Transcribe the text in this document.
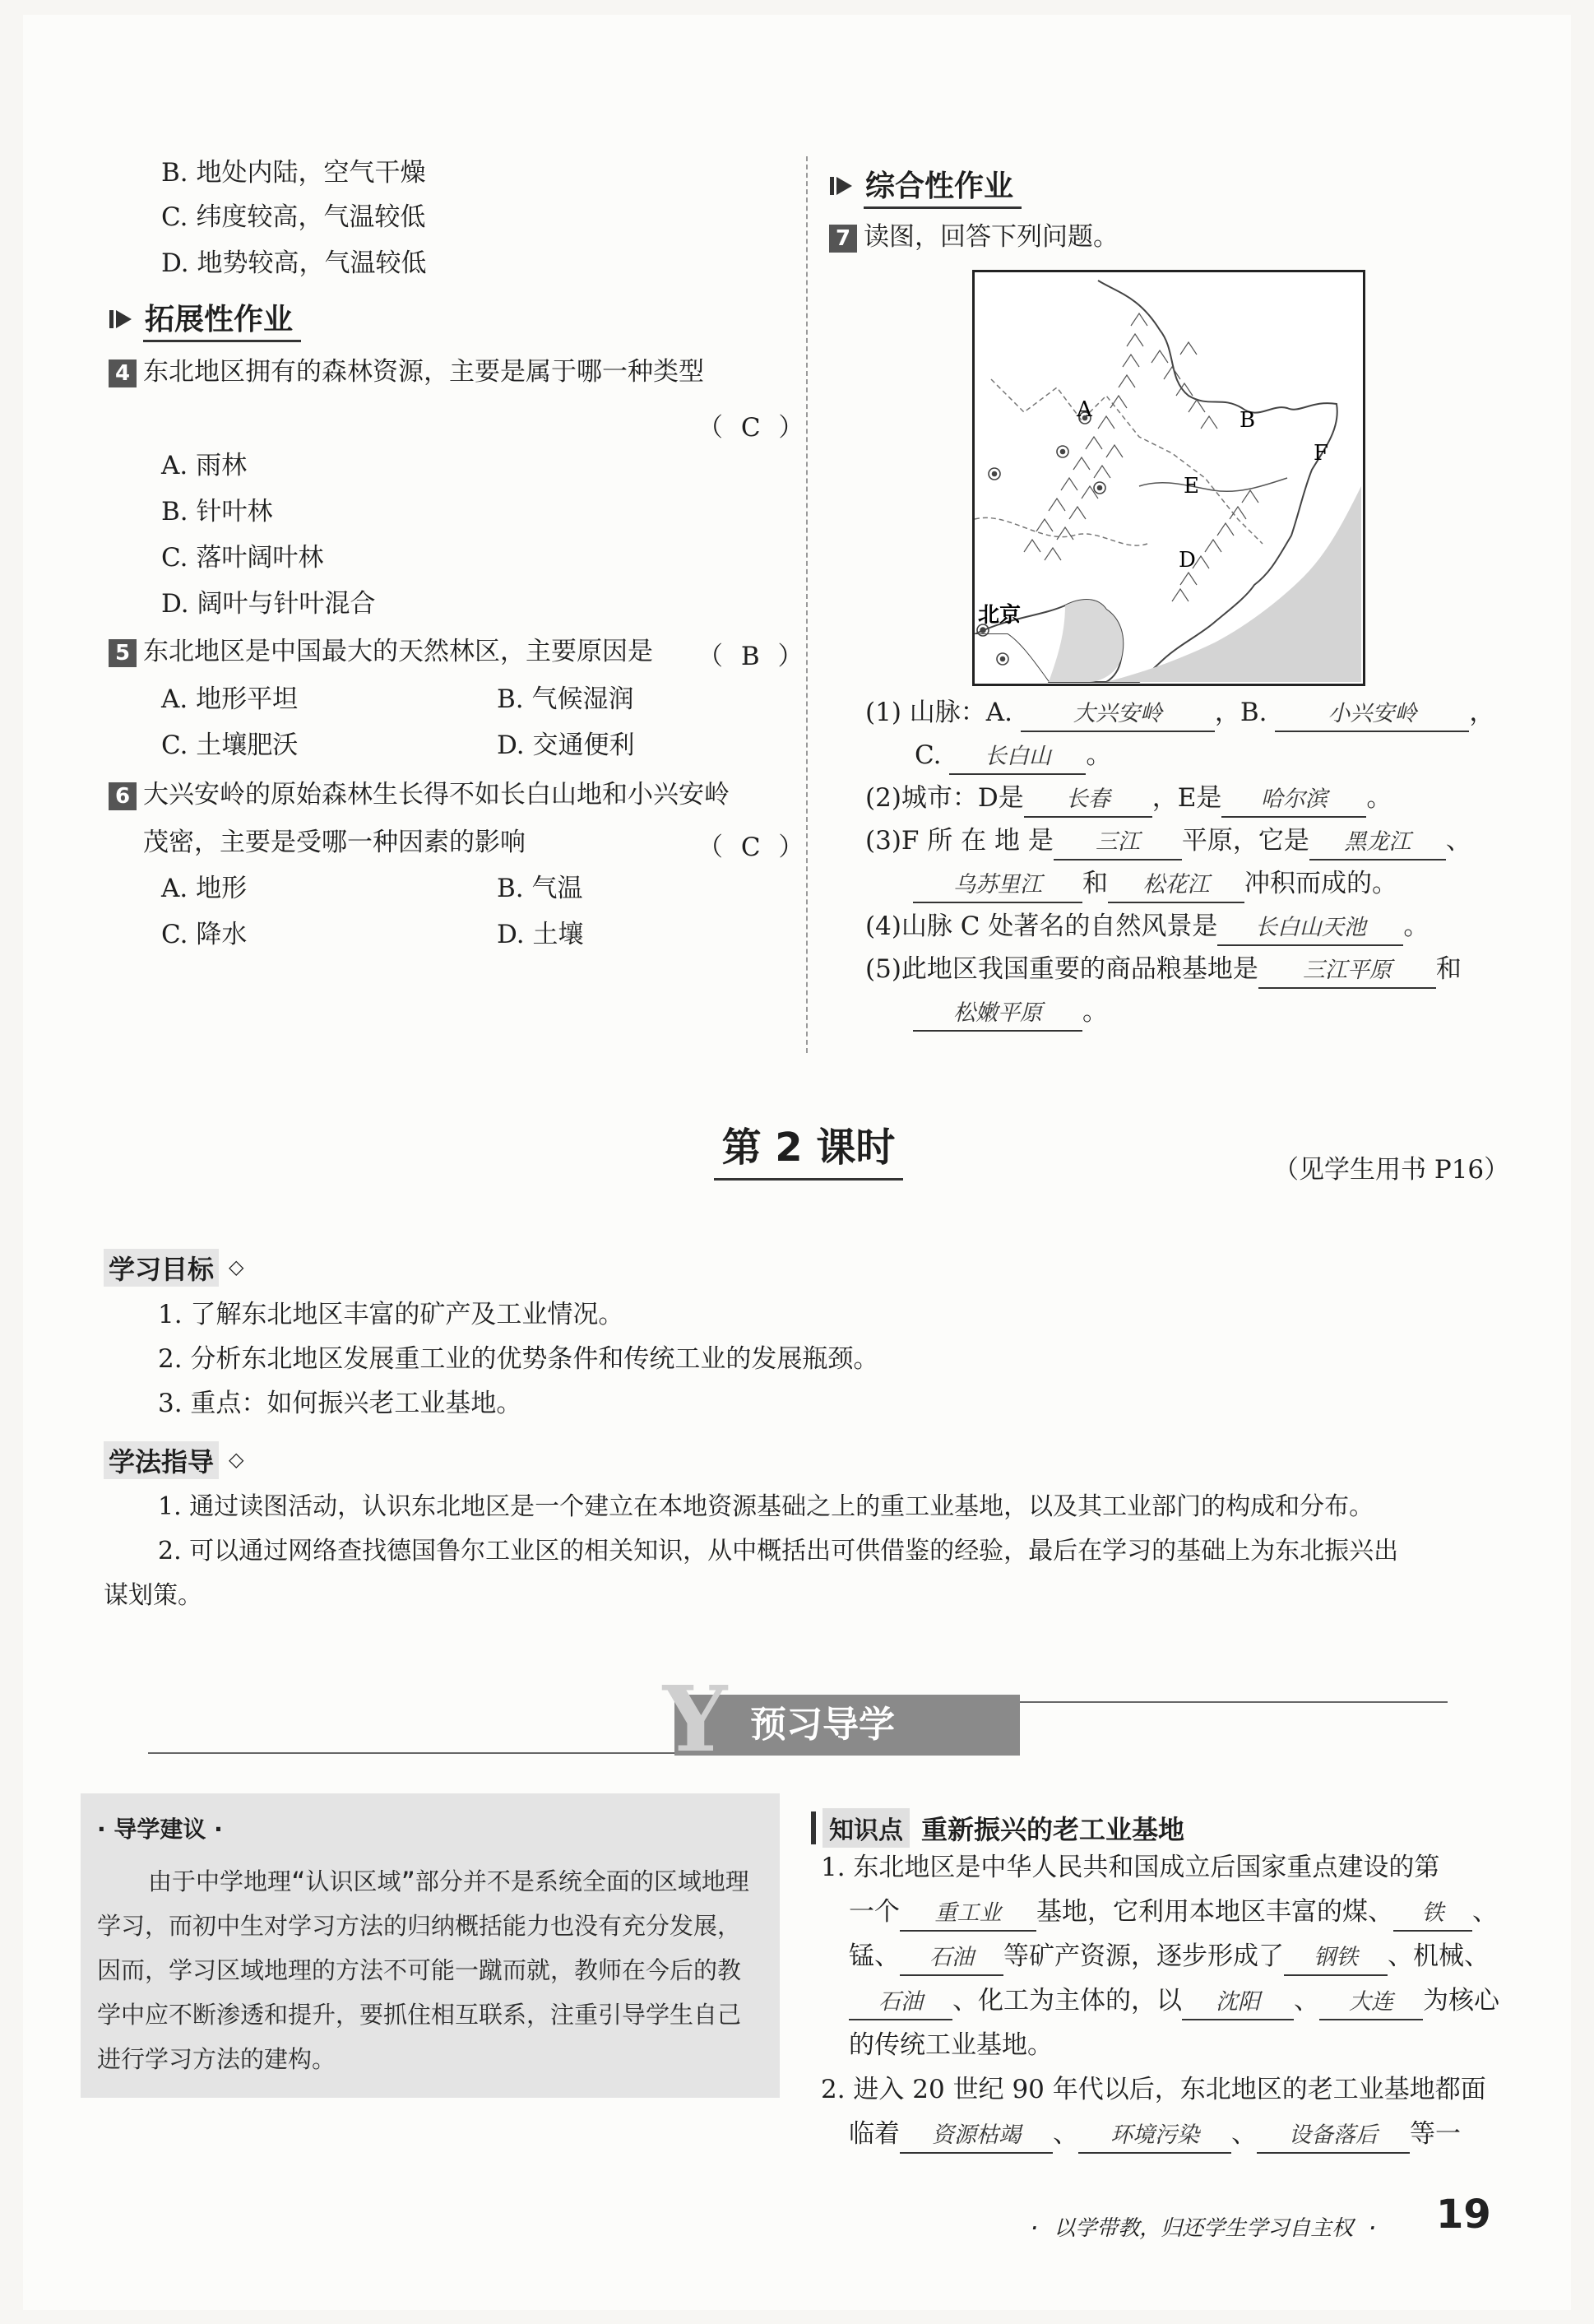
B. 地处内陆，空气干燥
C. 纬度较高，气温较低
D. 地势较高，气温较低
拓展性作业
4 东北地区拥有的森林资源，主要是属于哪一种类型
（ C ）
A. 雨林
B. 针叶林
C. 落叶阔叶林
D. 阔叶与针叶混合
5 东北地区是中国最大的天然林区，主要原因是 （ B ）
A. 地形平坦	B. 气候湿润
C. 土壤肥沃	D. 交通便利
6 大兴安岭的原始森林生长得不如长白山地和小兴安岭
茂密，主要是受哪一种因素的影响	（ C ）
A. 地形	B. 气温
C. 降水	D. 土壤
综合性作业
7 读图，回答下列问题。
A	B
E
F
D
北京
(1) 山脉：A.	大兴安岭 ，B.	小兴安岭 ，
C. 长白山 。
(2)城市：D是 长春 ，E是 哈尔滨 。
(3)F 所 在 地 是 三江 平原，它是 黑龙江 、
乌苏里江 和 松花江 冲积而成的。
(4)山脉 C 处著名的自然风景是 长白山天池 。
(5)此地区我国重要的商品粮基地是 三江平原 和
松嫩平原 。
第 2 课时	（见学生用书 P16）
学习目标 ◇
1. 了解东北地区丰富的矿产及工业情况。
2. 分析东北地区发展重工业的优势条件和传统工业的发展瓶颈。
3. 重点：如何振兴老工业基地。
学法指导 ◇
1. 通过读图活动，认识东北地区是一个建立在本地资源基础之上的重工业基地，以及其工业部门的构成和分布。
2. 可以通过网络查找德国鲁尔工业区的相关知识，从中概括出可供借鉴的经验，最后在学习的基础上为东北振兴出
谋划策。
预习导学
Y
· 导学建议 ·
由于中学地理“认识区域”部分并不是系统全面的区域地理学习，而初中生对学习方法的归纳概括能力也没有充分发展，因而，学习区域地理的方法不可能一蹴而就，教师在今后的教学中应不断渗透和提升，要抓住相互联系，注重引导学生自己进行学习方法的建构。
知识点 重新振兴的老工业基地
1. 东北地区是中华人民共和国成立后国家重点建设的第
一个 重工业 基地，它利用本地区丰富的煤、 铁 、
锰、 石油 等矿产资源，逐步形成了 钢铁 、机械、
石油 、化工为主体的，以 沈阳 、 大连 为核心
的传统工业基地。
2. 进入 20 世纪 90 年代以后，东北地区的老工业基地都面
临着 资源枯竭 、 环境污染 、 设备落后 等一
· 以学带教，归还学生学习自主权 · 19
